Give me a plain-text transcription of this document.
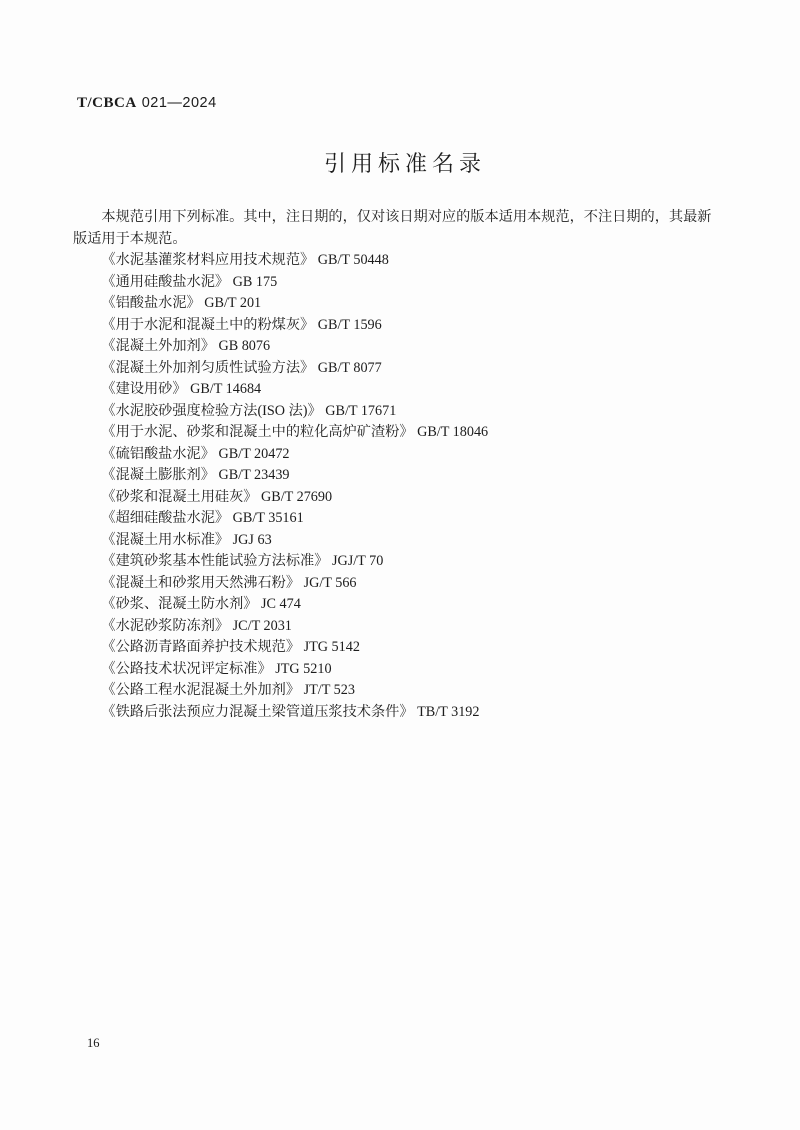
T/CBCA 021—2024
引用标准名录

本规范引用下列标准。其中，注日期的，仅对该日期对应的版本适用本规范，不注日期的，其最新版适用于本规范。

《水泥基灌浆材料应用技术规范》 GB/T 50448
《通用硅酸盐水泥》 GB 175
《铝酸盐水泥》 GB/T 201
《用于水泥和混凝土中的粉煤灰》 GB/T 1596
《混凝土外加剂》 GB 8076
《混凝土外加剂匀质性试验方法》 GB/T 8077
《建设用砂》 GB/T 14684
《水泥胶砂强度检验方法(ISO 法)》 GB/T 17671
《用于水泥、砂浆和混凝土中的粒化高炉矿渣粉》 GB/T 18046
《硫铝酸盐水泥》 GB/T 20472
《混凝土膨胀剂》 GB/T 23439
《砂浆和混凝土用硅灰》 GB/T 27690
《超细硅酸盐水泥》 GB/T 35161
《混凝土用水标准》 JGJ 63
《建筑砂浆基本性能试验方法标准》 JGJ/T 70
《混凝土和砂浆用天然沸石粉》 JG/T 566
《砂浆、混凝土防水剂》 JC 474
《水泥砂浆防冻剂》 JC/T 2031
《公路沥青路面养护技术规范》 JTG 5142
《公路技术状况评定标准》 JTG 5210
《公路工程水泥混凝土外加剂》 JT/T 523
《铁路后张法预应力混凝土梁管道压浆技术条件》 TB/T 3192
16
